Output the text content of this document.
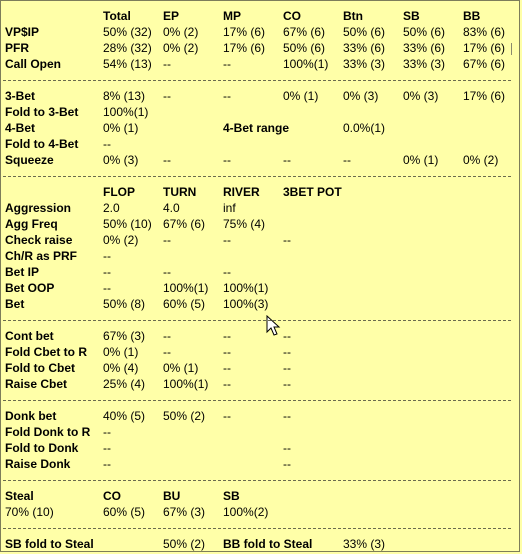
Total	EP	MP	CO	Btn	SB	BB
VP$IP	50% (32) 0% (2) 17% (6) 67% (6) 50% (6) 50% (6) 83% (6)
PFR	28% (32) 0% (2) 17% (6) 50% (6) 33% (6) 33% (6) 17% (6)
Call Open	54% (13) --	--	100%(1) 33% (3) 33% (3) 67% (6)
3-Bet	8% (13) --	--	0% (1) 0% (3) 0% (3) 17% (6)
Fold to 3-Bet 100%(1)
4-Bet	0% (1)	4-Bet range	0.0%(1)
Fold to 4-Bet --
Squeeze	0% (3) --	--	--	--	0% (1) 0% (2)
FLOP TURN RIVER 3BET POT
Aggression	2.0	4.0	inf
Agg Freq	50% (10) 67% (6) 75% (4)
Check raise	0% (2) --	--	--
Ch/R as PRF --
Bet IP	--	--	--
Bet OOP	--	100%(1) 100%(1)
Bet	50% (8) 60% (5) 100%(3)
Cont bet	67% (3) --	--	--
Fold Cbet to R 0% (1) --	--	--
Fold to Cbet 0% (4) 0% (1) --	--
Raise Cbet	25% (4) 100%(1) --	--
Donk bet	40% (5) 50% (2) --	--
Fold Donk to R --
Fold to Donk --	--
Raise Donk	--	--
Steal	CO	BU	SB
70% (10)	60% (5) 67% (3) 100%(2)
SB fold to Steal	50% (2) BB fold to Steal	33% (3)
